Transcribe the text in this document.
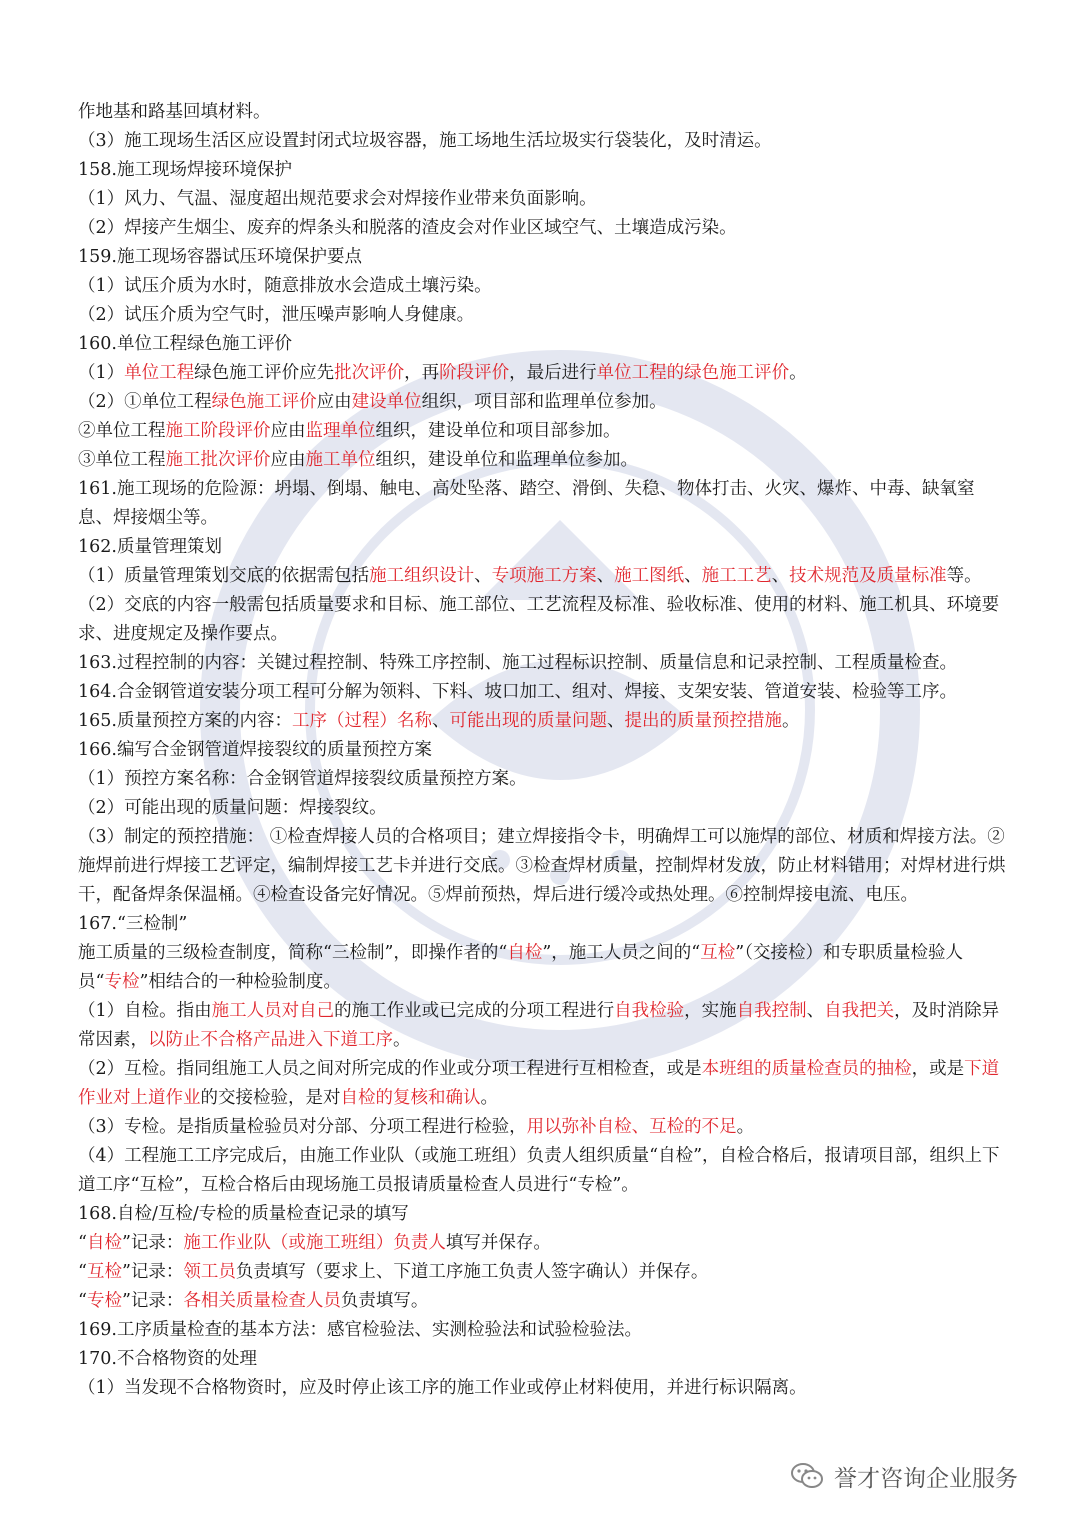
作地基和路基回填材料。

（3）施工现场生活区应设置封闭式垃圾容器，施工场地生活垃圾实行袋装化，及时清运。

158.施工现场焊接环境保护

（1）风力、气温、湿度超出规范要求会对焊接作业带来负面影响。

（2）焊接产生烟尘、废弃的焊条头和脱落的渣皮会对作业区域空气、土壤造成污染。

159.施工现场容器试压环境保护要点

（1）试压介质为水时，随意排放水会造成土壤污染。

（2）试压介质为空气时，泄压噪声影响人身健康。

160.单位工程绿色施工评价

（1）单位工程绿色施工评价应先批次评价，再阶段评价，最后进行单位工程的绿色施工评价。

（2）①单位工程绿色施工评价应由建设单位组织，项目部和监理单位参加。

②单位工程施工阶段评价应由监理单位组织，建设单位和项目部参加。

③单位工程施工批次评价应由施工单位组织，建设单位和监理单位参加。

161.施工现场的危险源：坍塌、倒塌、触电、高处坠落、踏空、滑倒、失稳、物体打击、火灾、爆炸、中毒、缺氧窒息、焊接烟尘等。

162.质量管理策划

（1）质量管理策划交底的依据需包括施工组织设计、专项施工方案、施工图纸、施工工艺、技术规范及质量标准等。

（2）交底的内容一般需包括质量要求和目标、施工部位、工艺流程及标准、验收标准、使用的材料、施工机具、环境要求、进度规定及操作要点。

163.过程控制的内容：关键过程控制、特殊工序控制、施工过程标识控制、质量信息和记录控制、工程质量检查。

164.合金钢管道安装分项工程可分解为领料、下料、坡口加工、组对、焊接、支架安装、管道安装、检验等工序。

165.质量预控方案的内容：工序（过程）名称、可能出现的质量问题、提出的质量预控措施。

166.编写合金钢管道焊接裂纹的质量预控方案

（1）预控方案名称：合金钢管道焊接裂纹质量预控方案。

（2）可能出现的质量问题：焊接裂纹。

（3）制定的预控措施： ①检查焊接人员的合格项目；建立焊接指令卡，明确焊工可以施焊的部位、材质和焊接方法。②施焊前进行焊接工艺评定，编制焊接工艺卡并进行交底。③检查焊材质量，控制焊材发放，防止材料错用；对焊材进行烘干，配备焊条保温桶。④检查设备完好情况。⑤焊前预热，焊后进行缓冷或热处理。⑥控制焊接电流、电压。

167.“三检制”

施工质量的三级检查制度，简称“三检制”，即操作者的“自检”，施工人员之间的“互检”（交接检）和专职质量检验人员“专检”相结合的一种检验制度。

（1）自检。指由施工人员对自己的施工作业或已完成的分项工程进行自我检验，实施自我控制、自我把关，及时消除异常因素，以防止不合格产品进入下道工序。

（2）互检。指同组施工人员之间对所完成的作业或分项工程进行互相检查，或是本班组的质量检查员的抽检，或是下道作业对上道作业的交接检验，是对自检的复核和确认。

（3）专检。是指质量检验员对分部、分项工程进行检验，用以弥补自检、互检的不足。

（4）工程施工工序完成后，由施工作业队（或施工班组）负责人组织质量“自检”，自检合格后，报请项目部，组织上下道工序“互检”，互检合格后由现场施工员报请质量检查人员进行“专检”。

168.自检/互检/专检的质量检查记录的填写

“自检”记录：施工作业队（或施工班组）负责人填写并保存。

“互检”记录：领工员负责填写（要求上、下道工序施工负责人签字确认）并保存。

“专检”记录：各相关质量检查人员负责填写。

169.工序质量检查的基本方法：感官检验法、实测检验法和试验检验法。

170.不合格物资的处理

（1）当发现不合格物资时，应及时停止该工序的施工作业或停止材料使用，并进行标识隔离。

誉才咨询企业服务
